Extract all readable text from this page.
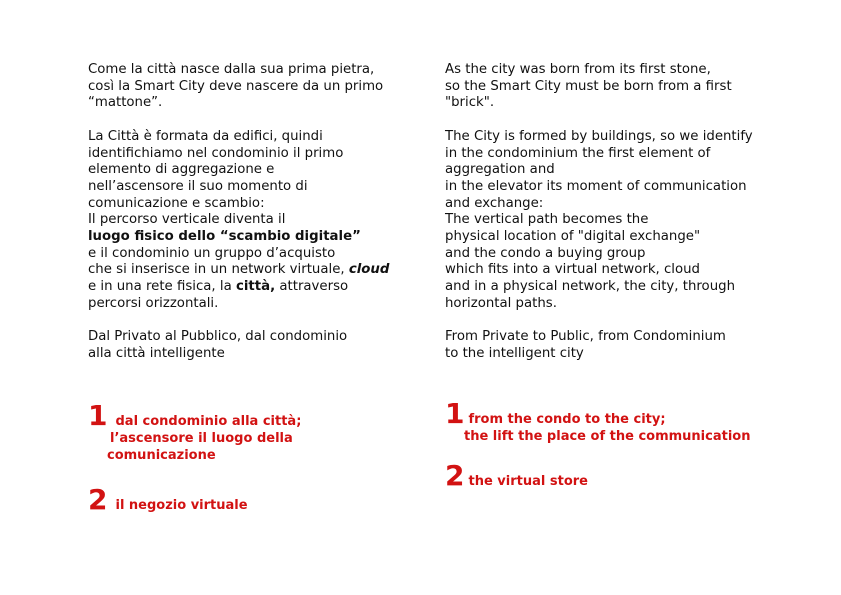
Come la città nasce dalla sua prima pietra,
così la Smart City deve nascere da un primo
“mattone”.

La Città è formata da edifici, quindi
identifichiamo nel condominio il primo
elemento di aggregazione e
nell’ascensore il suo momento di
comunicazione e scambio:
Il percorso verticale diventa il
luogo fisico dello “scambio digitale”
e il condominio un gruppo d’acquisto
che si inserisce in un network virtuale, cloud
e in una rete fisica, la città, attraverso
percorsi orizzontali.

Dal Privato al Pubblico, dal condominio
alla città intelligente

As the city was born from its first stone,
so the Smart City must be born from a first
"brick".

The City is formed by buildings, so we identify
in the condominium the first element of
aggregation and
in the elevator its moment of communication
and exchange:
The vertical path becomes the
physical location of "digital exchange"
and the condo a buying group
which fits into a virtual network, cloud
and in a physical network, the city, through
horizontal paths.

From Private to Public, from Condominium
to the intelligent city

1 dal condominio alla città;
l’ascensore il luogo della
comunicazione
2 il negozio virtuale
1 from the condo to the city;
the lift the place of the communication
2 the virtual store
